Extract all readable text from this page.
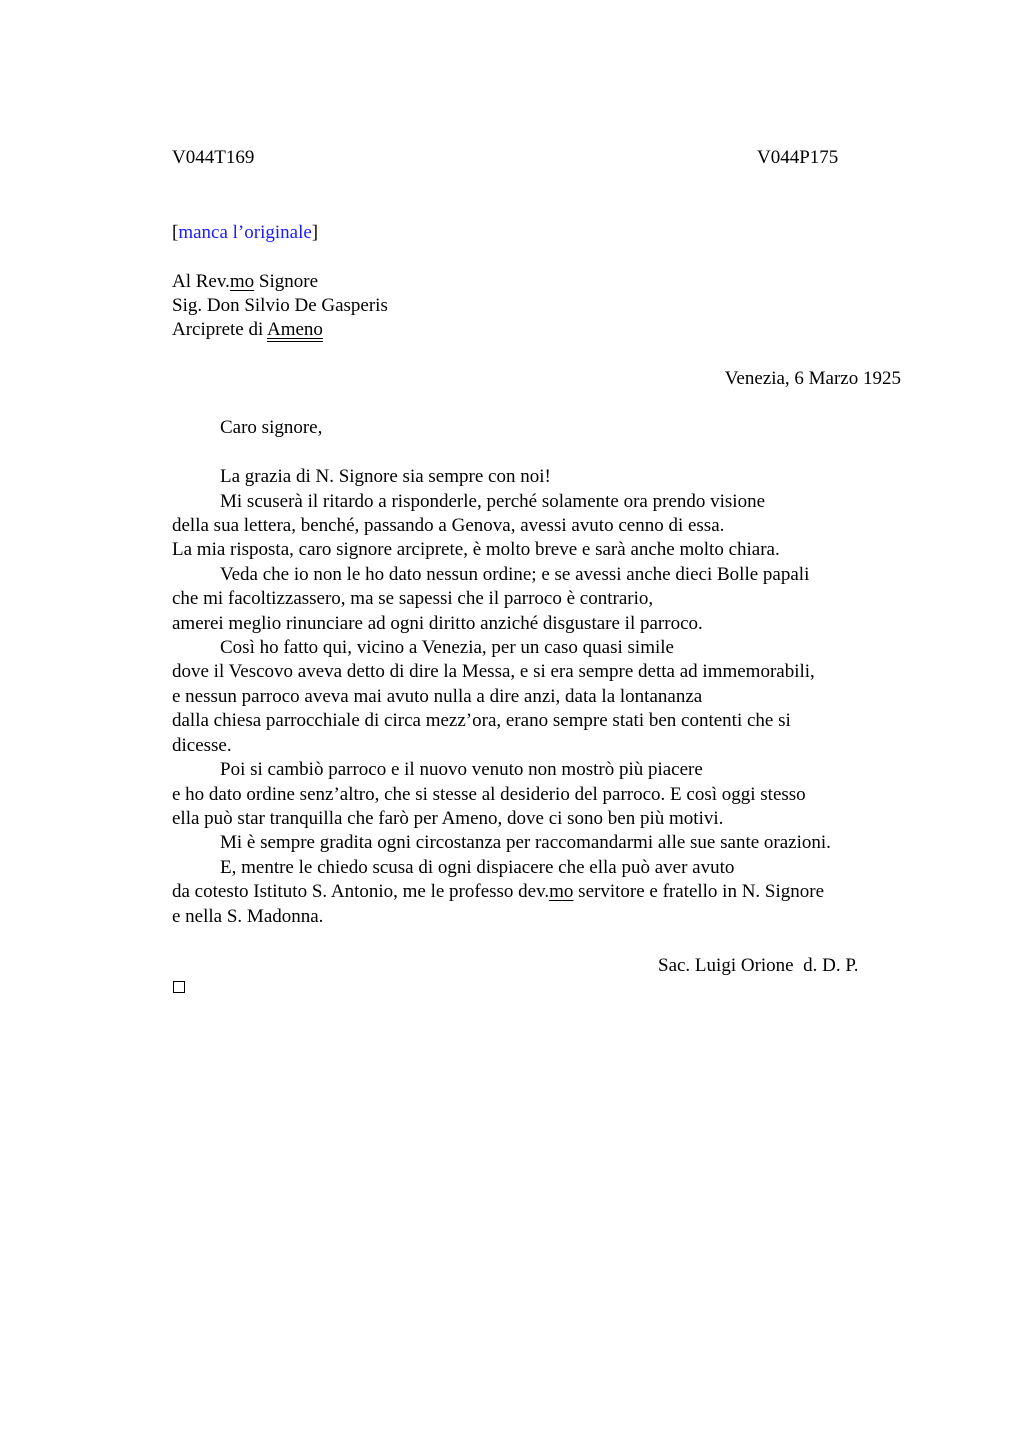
V044T169	V044P175
[manca l’originale]
Al Rev.mo Signore
Sig. Don Silvio De Gasperis
Arciprete di Ameno
Venezia, 6 Marzo 1925
Caro signore,
La grazia di N. Signore sia sempre con noi!
Mi scuserà il ritardo a risponderle, perché solamente ora prendo visione
della sua lettera, benché, passando a Genova, avessi avuto cenno di essa.
La mia risposta, caro signore arciprete, è molto breve e sarà anche molto chiara.
Veda che io non le ho dato nessun ordine; e se avessi anche dieci Bolle papali
che mi facoltizzassero, ma se sapessi che il parroco è contrario,
amerei meglio rinunciare ad ogni diritto anziché disgustare il parroco.
Così ho fatto qui, vicino a Venezia, per un caso quasi simile
dove il Vescovo aveva detto di dire la Messa, e si era sempre detta ad immemorabili,
e nessun parroco aveva mai avuto nulla a dire anzi, data la lontananza
dalla chiesa parrocchiale di circa mezz’ora, erano sempre stati ben contenti che si
dicesse.
Poi si cambiò parroco e il nuovo venuto non mostrò più piacere
e ho dato ordine senz’altro, che si stesse al desiderio del parroco. E così oggi stesso
ella può star tranquilla che farò per Ameno, dove ci sono ben più motivi.
Mi è sempre gradita ogni circostanza per raccomandarmi alle sue sante orazioni.
E, mentre le chiedo scusa di ogni dispiacere che ella può aver avuto
da cotesto Istituto S. Antonio, me le professo dev.mo servitore e fratello in N. Signore
e nella S. Madonna.
Sac. Luigi Orione  d. D. P.
